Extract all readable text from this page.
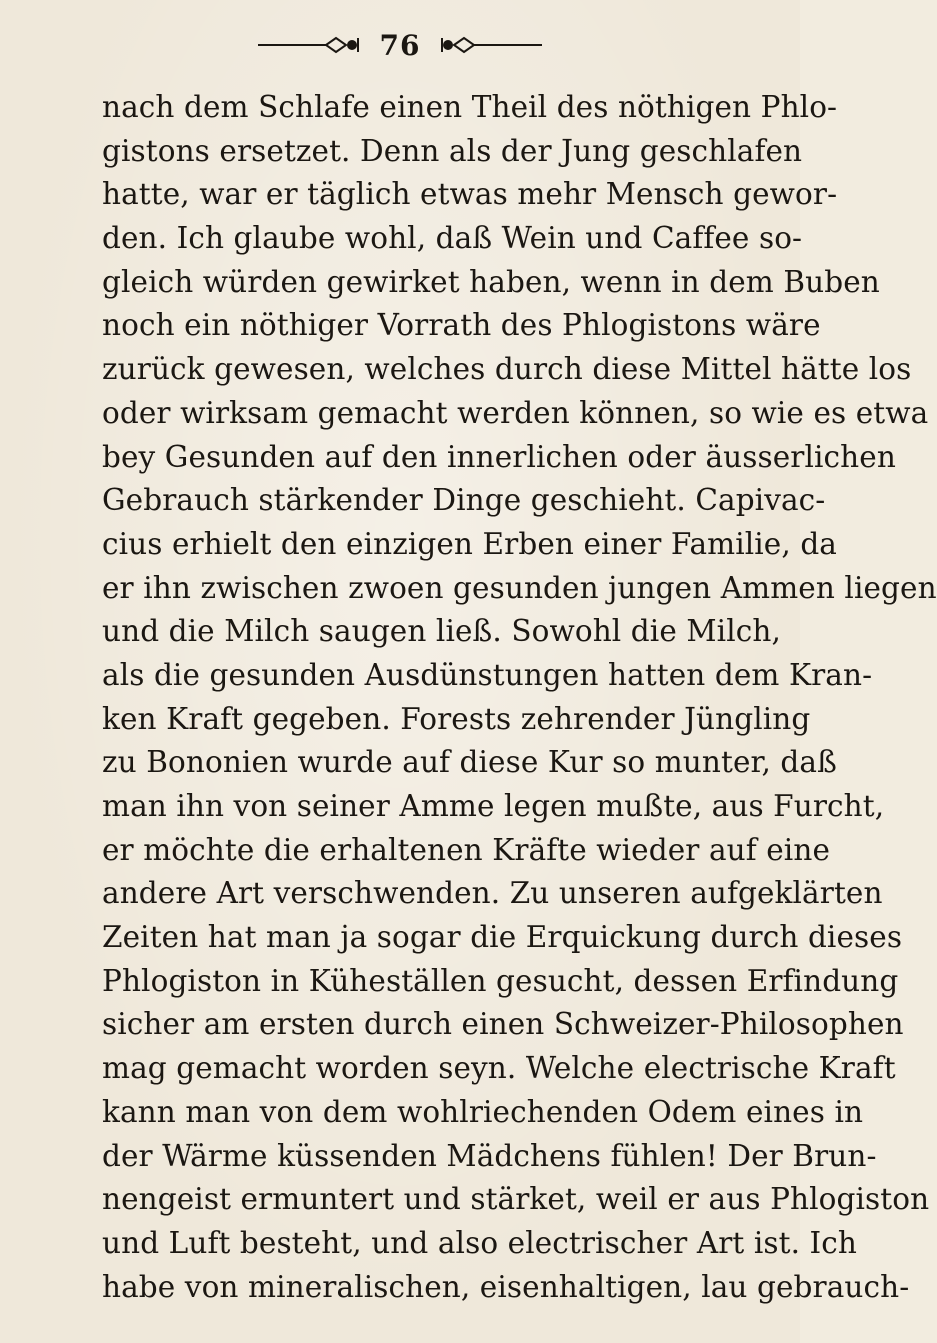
76
nach dem Schlafe einen Theil des nöthigen Phlo-
gistons ersetzet. Denn als der Jung geschlafen
hatte, war er täglich etwas mehr Mensch gewor-
den. Ich glaube wohl, daß Wein und Caffee so-
gleich würden gewirket haben, wenn in dem Buben
noch ein nöthiger Vorrath des Phlogistons wäre
zurück gewesen, welches durch diese Mittel hätte los
oder wirksam gemacht werden können, so wie es etwa
bey Gesunden auf den innerlichen oder äusserlichen
Gebrauch stärkender Dinge geschieht. Capivac-
cius erhielt den einzigen Erben einer Familie, da
er ihn zwischen zwoen gesunden jungen Ammen liegen
und die Milch saugen ließ. Sowohl die Milch,
als die gesunden Ausdünstungen hatten dem Kran-
ken Kraft gegeben. Forests zehrender Jüngling
zu Bononien wurde auf diese Kur so munter, daß
man ihn von seiner Amme legen mußte, aus Furcht,
er möchte die erhaltenen Kräfte wieder auf eine
andere Art verschwenden. Zu unseren aufgeklärten
Zeiten hat man ja sogar die Erquickung durch dieses
Phlogiston in Küheställen gesucht, dessen Erfindung
sicher am ersten durch einen Schweizer-Philosophen
mag gemacht worden seyn. Welche electrische Kraft
kann man von dem wohlriechenden Odem eines in
der Wärme küssenden Mädchens fühlen! Der Brun-
nengeist ermuntert und stärket, weil er aus Phlogiston
und Luft besteht, und also electrischer Art ist. Ich
habe von mineralischen, eisenhaltigen, lau gebrauch-
